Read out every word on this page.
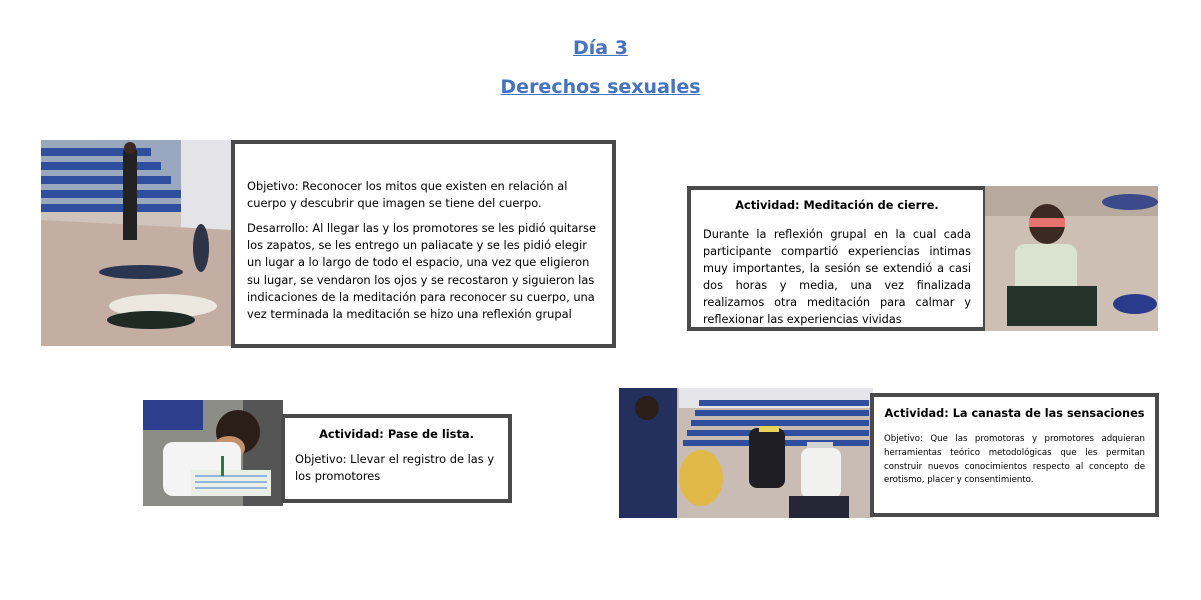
Día 3
Derechos sexuales

Objetivo: Reconocer los mitos que existen en relación al cuerpo y descubrir que imagen se tiene del cuerpo.

Desarrollo: Al llegar las y los promotores se les pidió quitarse los zapatos, se les entrego un paliacate y se les pidió elegir un lugar a lo largo de todo el espacio, una vez que eligieron su lugar, se vendaron los ojos y se recostaron y siguieron las indicaciones de la meditación para reconocer su cuerpo, una vez terminada la meditación se hizo una reflexión grupal

Actividad: Meditación de cierre.

Durante la reflexión grupal en la cual cada participante compartió experiencias intimas muy importantes, la sesión se extendió a casi dos horas y media, una vez finalizada realizamos otra meditación para calmar y reflexionar las experiencias vividas

Actividad: Pase de lista.

Objetivo: Llevar el registro de las y los promotores

Actividad: La canasta de las sensaciones

Objetivo: Que las promotoras y promotores adquieran herramientas teórico metodológicas que les permitan construir nuevos conocimientos respecto al concepto de erotismo, placer y consentimiento.
